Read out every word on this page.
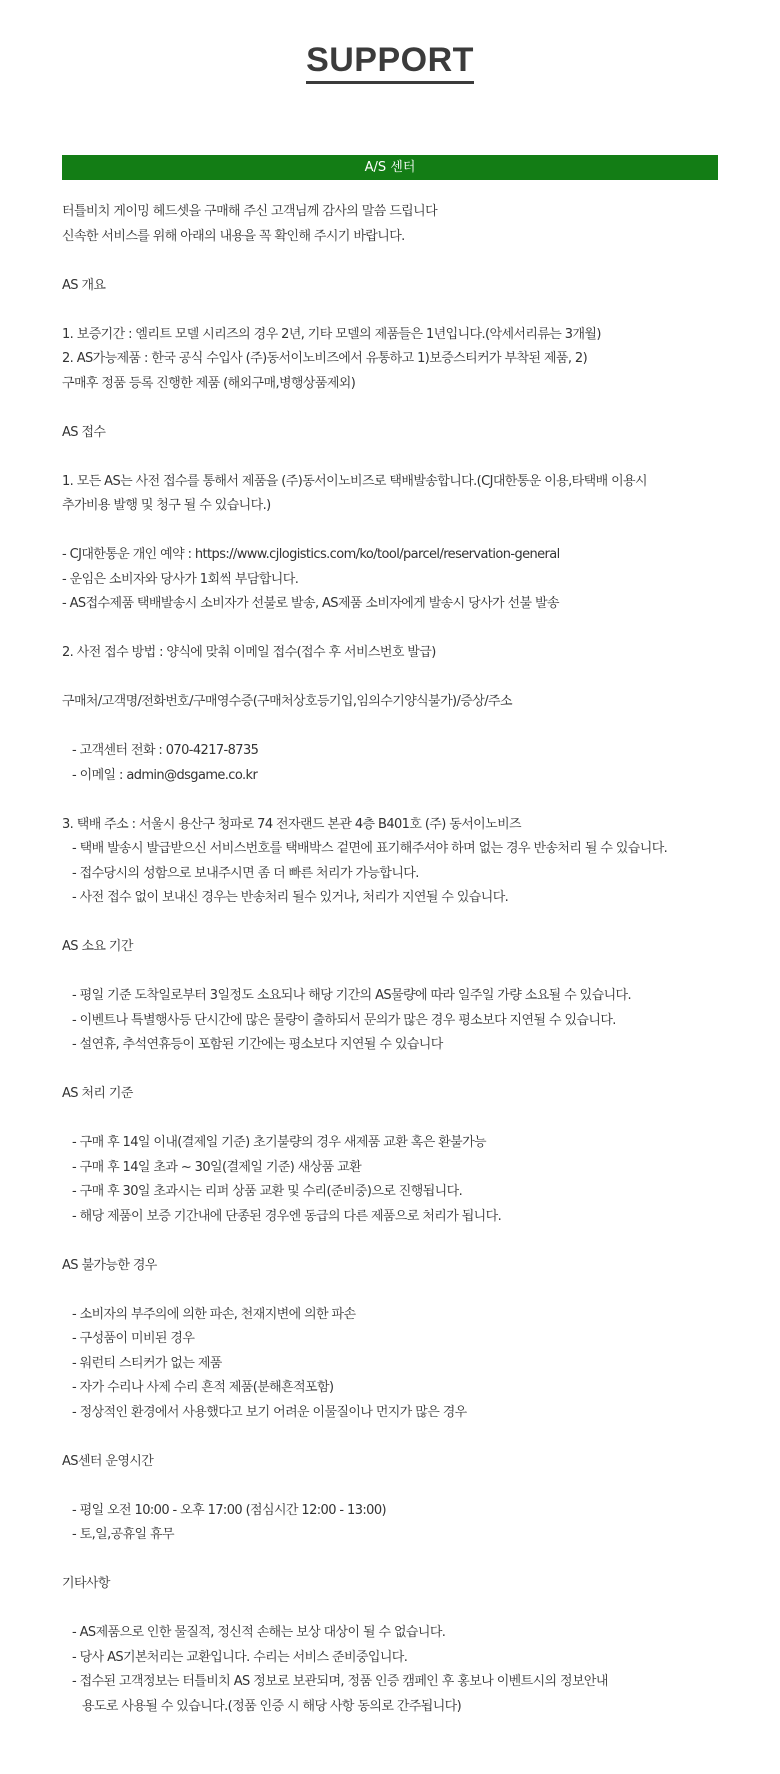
SUPPORT
A/S 센터
터틀비치 게이밍 헤드셋을 구매해 주신 고객님께 감사의 말씀 드립니다
신속한 서비스를 위해 아래의 내용을 꼭 확인해 주시기 바랍니다.
AS 개요
1. 보증기간 : 엘리트 모델 시리즈의 경우 2년, 기타 모델의 제품들은 1년입니다.(악세서리류는 3개월)
2. AS가능제품 : 한국 공식 수입사 (주)동서이노비즈에서 유통하고 1)보증스티커가 부착된 제품, 2)
구매후 정품 등록 진행한 제품 (해외구매,병행상품제외)
AS 접수
1. 모든 AS는 사전 접수를 통해서 제품을 (주)동서이노비즈로 택배발송합니다.(CJ대한통운 이용,타택배 이용시
추가비용 발행 및 청구 될 수 있습니다.)
- CJ대한통운 개인 예약 : https://www.cjlogistics.com/ko/tool/parcel/reservation-general
- 운임은 소비자와 당사가 1회씩 부담합니다.
- AS접수제품 택배발송시 소비자가 선불로 발송, AS제품 소비자에게 발송시 당사가 선불 발송
2. 사전 접수 방법 : 양식에 맞춰 이메일 접수(접수 후 서비스번호 발급)
구매처/고객명/전화번호/구매영수증(구매처상호등기입,임의수기양식불가)/증상/주소
- 고객센터 전화 : 070-4217-8735
- 이메일 : admin@dsgame.co.kr
3. 택배 주소 : 서울시 용산구 청파로 74 전자랜드 본관 4층 B401호 (주) 동서이노비즈
- 택배 발송시 발급받으신 서비스번호를 택배박스 겉면에 표기해주셔야 하며 없는 경우 반송처리 될 수 있습니다.
- 접수당시의 성함으로 보내주시면 좀 더 빠른 처리가 가능합니다.
- 사전 접수 없이 보내신 경우는 반송처리 될수 있거나, 처리가 지연될 수 있습니다.
AS 소요 기간
- 평일 기준 도착일로부터 3일정도 소요되나 해당 기간의 AS물량에 따라 일주일 가량 소요될 수 있습니다.
- 이벤트나 특별행사등 단시간에 많은 물량이 출하되서 문의가 많은 경우 평소보다 지연될 수 있습니다.
- 설연휴, 추석연휴등이 포함된 기간에는 평소보다 지연될 수 있습니다
AS 처리 기준
- 구매 후 14일 이내(결제일 기준) 초기불량의 경우 새제품 교환 혹은 환불가능
- 구매 후 14일 초과 ~ 30일(결제일 기준) 새상품 교환
- 구매 후 30일 초과시는 리퍼 상품 교환 및 수리(준비중)으로 진행됩니다.
- 해당 제품이 보증 기간내에 단종된 경우엔 동급의 다른 제품으로 처리가 됩니다.
AS 불가능한 경우
- 소비자의 부주의에 의한 파손, 천재지변에 의한 파손
- 구성품이 미비된 경우
- 워런티 스티커가 없는 제품
- 자가 수리나 사제 수리 흔적 제품(분해흔적포함)
- 정상적인 환경에서 사용했다고 보기 어려운 이물질이나 먼지가 많은 경우
AS센터 운영시간
- 평일 오전 10:00 - 오후 17:00 (점심시간 12:00 - 13:00)
- 토,일,공휴일 휴무
기타사항
- AS제품으로 인한 물질적, 정신적 손해는 보상 대상이 될 수 없습니다.
- 당사 AS기본처리는 교환입니다. 수리는 서비스 준비중입니다.
- 접수된 고객정보는 터틀비치 AS 정보로 보관되며, 정품 인증 캠페인 후 홍보나 이벤트시의 정보안내
용도로 사용될 수 있습니다.(정품 인증 시 해당 사항 동의로 간주됩니다)
